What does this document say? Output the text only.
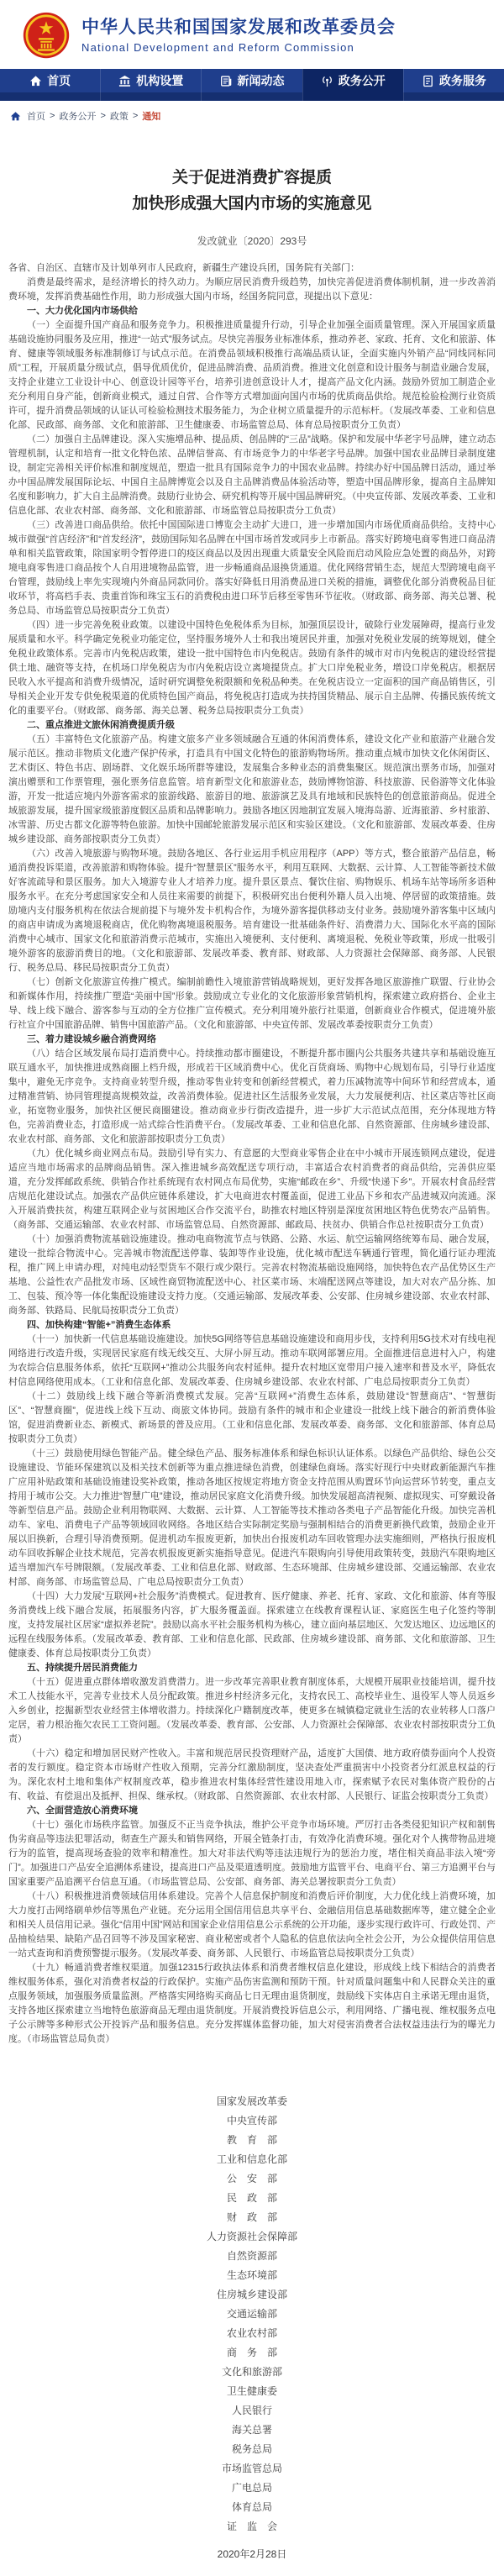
中华人民共和国国家发展和改革委员会
National Development and Reform Commission
首页	机构设置	新闻动态	政务公开	政务服务
首页 > 政务公开 > 政策 > 通知
关于促进消费扩容提质
加快形成强大国内市场的实施意见
发改就业〔2020〕293号

各省、自治区、直辖市及计划单列市人民政府，新疆生产建设兵团，国务院有关部门：

消费是最终需求，是经济增长的持久动力。为顺应居民消费升级趋势，加快完善促进消费体制机制，进一步改善消费环境，发挥消费基础性作用，助力形成强大国内市场，经国务院同意，现提出以下意见：

一、大力优化国内市场供给

（一）全面提升国产商品和服务竞争力。积极推进质量提升行动，引导企业加强全面质量管理。深入开展国家质量基础设施协同服务及应用，推进“一站式”服务试点。尽快完善服务业标准体系，推动养老、家政、托育、文化和旅游、体育、健康等领域服务标准制修订与试点示范。在消费品领域积极推行高端品质认证，全面实施内外销产品“同线同标同质”工程，开展质量分级试点，倡导优质优价，促进品牌消费、品质消费。推进文化创意和设计服务与制造业融合发展，支持企业建立工业设计中心、创意设计园等平台，培养引进创意设计人才，提高产品文化内涵。鼓励外贸加工制造企业充分利用自身产能，创新商业模式，通过自营、合作等方式增加面向国内市场的优质商品供给。规范检验检测行业资质许可，提升消费品领域的认证认可检验检测技术服务能力，为企业树立质量提升的示范标杆。（发展改革委、工业和信息化部、民政部、商务部、文化和旅游部、卫生健康委、市场监管总局、体育总局按职责分工负责）

（二）加强自主品牌建设。深入实施增品种、提品质、创品牌的“三品”战略。保护和发展中华老字号品牌，建立动态管理机制，认定和培育一批文化特色浓、品牌信誉高、有市场竞争力的中华老字号品牌。加强中国农业品牌目录制度建设，制定完善相关评价标准和制度规范，塑造一批具有国际竞争力的中国农业品牌。持续办好中国品牌日活动，通过举办中国品牌发展国际论坛、中国自主品牌博览会以及自主品牌消费品体验活动等，塑造中国品牌形象，提高自主品牌知名度和影响力，扩大自主品牌消费。鼓励行业协会、研究机构等开展中国品牌研究。（中央宣传部、发展改革委、工业和信息化部、农业农村部、商务部、文化和旅游部、市场监管总局按职责分工负责）

（三）改善进口商品供给。依托中国国际进口博览会主动扩大进口，进一步增加国内市场优质商品供给。支持中心城市做强“首店经济”和“首发经济”，鼓励国际知名品牌在中国市场首发或同步上市新品。落实好跨境电商零售进口商品清单和相关监管政策，除国家明令暂停进口的疫区商品以及因出现重大质量安全风险而启动风险应急处置的商品外，对跨境电商零售进口商品按个人自用进境物品监管，进一步畅通商品退换货通道。优化网络营销生态，规范大型跨境电商平台管理，鼓励线上率先实现境内外商品同款同价。落实好降低日用消费品进口关税的措施，调整优化部分消费税品目征收环节，将高档手表、贵重首饰和珠宝玉石的消费税由进口环节后移至零售环节征收。（财政部、商务部、海关总署、税务总局、市场监管总局按职责分工负责）

（四）进一步完善免税业政策。以建设中国特色免税体系为目标，加强顶层设计，破除行业发展障碍，提高行业发展质量和水平。科学确定免税业功能定位，坚持服务境外人士和我出境居民并重，加强对免税业发展的统筹规划，健全免税业政策体系。完善市内免税店政策，建设一批中国特色市内免税店。鼓励有条件的城市对市内免税店的建设经营提供土地、融资等支持，在机场口岸免税店为市内免税店设立离境提货点。扩大口岸免税业务，增设口岸免税店。根据居民收入水平提高和消费升级情况，适时研究调整免税限额和免税品种类。在免税店设立一定面积的国产商品销售区，引导相关企业开发专供免税渠道的优质特色国产商品，将免税店打造成为扶持国货精品、展示自主品牌、传播民族传统文化的重要平台。（财政部、商务部、海关总署、税务总局按职责分工负责）

二、重点推进文旅休闲消费提质升级

（五）丰富特色文化旅游产品。构建文旅多产业多领域融合互通的休闲消费体系，建设文化产业和旅游产业融合发展示范区。推动非物质文化遗产保护传承，打造具有中国文化特色的旅游购物场所。推动重点城市加快文化休闲街区、艺术街区、特色书店、剧场群、文化娱乐场所群等建设，发展集合多种业态的消费集聚区。规范演出票务市场，加强对演出赠票和工作票管理，强化票务信息监管。培育新型文化和旅游业态，鼓励博物馆游、科技旅游、民俗游等文化体验游，开发一批适应境内外游客需求的旅游线路、旅游目的地、旅游演艺及具有地域和民族特色的创意旅游商品。促进全域旅游发展，提升国家级旅游度假区品质和品牌影响力。鼓励各地区因地制宜发展入境海岛游、近海旅游、乡村旅游、冰雪游、历史古都文化游等特色旅游。加快中国邮轮旅游发展示范区和实验区建设。（文化和旅游部、发展改革委、住房城乡建设部、商务部按职责分工负责）

（六）改善入境旅游与购物环境。鼓励各地区、各行业运用手机应用程序（APP）等方式，整合旅游产品信息，畅通消费投诉渠道，改善旅游和购物体验。提升“智慧景区”服务水平，利用互联网、大数据、云计算、人工智能等新技术做好客流疏导和景区服务。加大入境游专业人才培养力度。提升景区景点、餐饮住宿、购物娱乐、机场车站等场所多语种服务水平。在充分考虑国家安全和人员往来需要的前提下，积极研究出台便利外籍人员入出境、停居留的政策措施。鼓励境内支付服务机构在依法合规前提下与境外发卡机构合作，为境外游客提供移动支付业务。鼓励境外游客集中区域内的商店申请成为离境退税商店，优化购物离境退税服务。培育建设一批基础条件好、消费潜力大、国际化水平高的国际消费中心城市、国家文化和旅游消费示范城市，实施出入境便利、支付便利、离境退税、免税业等政策，形成一批吸引境外游客的旅游消费目的地。（文化和旅游部、发展改革委、教育部、财政部、人力资源社会保障部、商务部、人民银行、税务总局、移民局按职责分工负责）

（七）创新文化旅游宣传推广模式。编制前瞻性入境旅游营销战略规划，更好发挥各地区旅游推广联盟、行业协会和新媒体作用，持续推广塑造“美丽中国”形象。鼓励成立专业化的文化旅游形象营销机构，探索建立政府搭台、企业主导、线上线下融合、游客参与互动的全方位推广宣传模式。充分利用境外旅行社渠道，创新商业合作模式，促进境外旅行社宣介中国旅游品牌、销售中国旅游产品。（文化和旅游部、中央宣传部、发展改革委按职责分工负责）

三、着力建设城乡融合消费网络

（八）结合区域发展布局打造消费中心。持续推动都市圈建设，不断提升都市圈内公共服务共建共享和基础设施互联互通水平，加快推进成熟商圈上档升级，形成若干区域消费中心。优化百货商场、购物中心规划布局，引导行业适度集中，避免无序竞争。支持商业转型升级，推动零售业转变和创新经营模式，着力压减物流等中间环节和经营成本，通过精准营销、协同管理提高规模效益，改善消费体验。促进社区生活服务业发展，大力发展便利店、社区菜店等社区商业，拓宽物业服务，加快社区便民商圈建设。推动商业步行街改造提升，进一步扩大示范试点范围，充分体现地方特色，完善消费业态，打造形成一站式综合性消费平台。（发展改革委、工业和信息化部、自然资源部、住房城乡建设部、农业农村部、商务部、文化和旅游部按职责分工负责）

（九）优化城乡商业网点布局。鼓励引导有实力、有意愿的大型商业零售企业在中小城市开展连锁网点建设，促进适应当地市场需求的品牌商品销售。深入推进城乡高效配送专项行动，丰富适合农村消费者的商品供给，完善供应渠道，充分发挥邮政系统、供销合作社系统现有农村网点布局优势，实施“邮政在乡”、升级“快递下乡”。开展农村食品经营店规范化建设试点。加强农产品供应链体系建设，扩大电商进农村覆盖面，促进工业品下乡和农产品进城双向流通。深入开展消费扶贫，构建互联网企业与贫困地区合作交流平台，助推农村地区特别是深度贫困地区特色优势农产品销售。（商务部、交通运输部、农业农村部、市场监管总局、自然资源部、邮政局、扶贫办、供销合作总社按职责分工负责）

（十）加强消费物流基础设施建设。推动电商物流节点与铁路、公路、水运、航空运输网络统筹布局、融合发展，建设一批综合物流中心。完善城市物流配送停靠、装卸等作业设施，优化城市配送车辆通行管理，简化通行证办理流程，推广网上申请办理，对纯电动轻型货车不限行或少限行。完善农村物流基础设施网络，加快特色农产品优势区生产基地、公益性农产品批发市场、区域性商贸物流配送中心、社区菜市场、末端配送网点等建设，加大对农产品分拣、加工、包装、预冷等一体化集配设施建设支持力度。（交通运输部、发展改革委、公安部、住房城乡建设部、农业农村部、商务部、铁路局、民航局按职责分工负责）

四、加快构建“智能+”消费生态体系

（十一）加快新一代信息基础设施建设。加快5G网络等信息基础设施建设和商用步伐，支持利用5G技术对有线电视网络进行改造升级，实现居民家庭有线无线交互、大屏小屏互动。推动车联网部署应用。全面推进信息进村入户，构建为农综合信息服务体系，依托“互联网+”推动公共服务向农村延伸。提升农村地区宽带用户接入速率和普及水平，降低农村信息网络使用成本。（工业和信息化部、发展改革委、住房城乡建设部、农业农村部、广电总局按职责分工负责）

（十二）鼓励线上线下融合等新消费模式发展。完善“互联网+”消费生态体系，鼓励建设“智慧商店”、“智慧街区”、“智慧商圈”，促进线上线下互动、商旅文体协同。鼓励有条件的城市和企业建设一批线上线下融合的新消费体验馆，促进消费新业态、新模式、新场景的普及应用。（工业和信息化部、发展改革委、商务部、文化和旅游部、体育总局按职责分工负责）

（十三）鼓励使用绿色智能产品。健全绿色产品、服务标准体系和绿色标识认证体系。以绿色产品供给、绿色公交设施建设、节能环保建筑以及相关技术创新等为重点推进绿色消费，创建绿色商场。落实好现行中央财政新能源汽车推广应用补贴政策和基础设施建设奖补政策，推动各地区按规定将地方资金支持范围从购置环节向运营环节转变，重点支持用于城市公交。大力推进“智慧广电”建设，推动居民家庭文化消费升级。加快发展超高清视频、虚拟现实、可穿戴设备等新型信息产品。鼓励企业利用物联网、大数据、云计算、人工智能等技术推动各类电子产品智能化升级。加快完善机动车、家电、消费电子产品等领域回收网络。各地区结合实际制定奖励与强制相结合的消费更新换代政策，鼓励企业开展以旧换新，合理引导消费预期。促进机动车报废更新，加快出台报废机动车回收管理办法实施细则，严格执行报废机动车回收拆解企业技术规范，完善农机报废更新实施指导意见。促进汽车限购向引导使用政策转变，鼓励汽车限购地区适当增加汽车号牌限额。（发展改革委、工业和信息化部、财政部、生态环境部、住房城乡建设部、交通运输部、农业农村部、商务部、市场监管总局、广电总局按职责分工负责）

（十四）大力发展“互联网+社会服务”消费模式。促进教育、医疗健康、养老、托育、家政、文化和旅游、体育等服务消费线上线下融合发展，拓展服务内容，扩大服务覆盖面。探索建立在线教育课程认证、家庭医生电子化签约等制度，支持发展社区居家“虚拟养老院”。鼓励以高水平社会服务机构为核心，建立面向基层地区、欠发达地区、边远地区的远程在线服务体系。（发展改革委、教育部、工业和信息化部、民政部、住房城乡建设部、商务部、文化和旅游部、卫生健康委、体育总局按职责分工负责）

五、持续提升居民消费能力

（十五）促进重点群体增收激发消费潜力。进一步改革完善职业教育制度体系，大规模开展职业技能培训，提升技术工人技能水平，完善专业技术人员分配政策。推进乡村经济多元化，支持农民工、高校毕业生、退役军人等人员返乡入乡创业，挖掘新型农业经营主体增收潜力。持续深化户籍制度改革，使更多在城镇稳定就业生活的农业转移人口落户定居，着力根治拖欠农民工工资问题。（发展改革委、教育部、公安部、人力资源社会保障部、农业农村部按职责分工负责）

（十六）稳定和增加居民财产性收入。丰富和规范居民投资理财产品，适度扩大国债、地方政府债券面向个人投资者的发行额度。稳定资本市场财产性收入预期，完善分红激励制度，坚决查处严重损害中小投资者分红派息权益的行为。深化农村土地和集体产权制度改革，稳步推进农村集体经营性建设用地入市，探索赋予农民对集体资产股份的占有、收益、有偿退出及抵押、担保、继承权。（财政部、自然资源部、农业农村部、人民银行、证监会按职责分工负责）

六、全面营造放心消费环境

（十七）强化市场秩序监管。加强反不正当竞争执法，维护公平竞争市场环境。严厉打击各类侵犯知识产权和制售伪劣商品等违法犯罪活动，彻查生产源头和销售网络，开展全链条打击，有效净化消费环境。强化对个人携带物品进境行为的监管，提高现场查验的效率和精准性。加大对非法代购等违法违规行为的惩治力度，堵住相关商品非法入境“旁门”。加强进口产品安全追溯体系建设，提高进口产品及渠道透明度。鼓励地方监管平台、电商平台、第三方追溯平台与国家重要产品追溯平台信息互通。（市场监管总局、公安部、商务部、海关总署按职责分工负责）

（十八）积极推进消费领域信用体系建设。完善个人信息保护制度和消费后评价制度，大力优化线上消费环境，加大力度打击网络刷单炒信等黑色产业链。充分运用全国信用信息共享平台、金融信用信息基础数据库等，建立健全企业和相关人员信用记录。强化“信用中国”网站和国家企业信用信息公示系统的公开功能，逐步实现行政许可、行政处罚、产品抽检结果、缺陷产品召回等不涉及国家秘密、商业秘密或者个人隐私的信息依法向全社会公开，为公众提供信用信息一站式查询和消费预警提示服务。（发展改革委、商务部、人民银行、市场监管总局按职责分工负责）

（十九）畅通消费者维权渠道。加强12315行政执法体系和消费者维权信息化建设，形成线上线下相结合的消费者维权服务体系，强化对消费者权益的行政保护。实施产品伤害监测和预防干预。针对质量问题集中和人民群众关注的重点服务领域，加强服务质量监测。严格落实网络购买商品七日无理由退货制度，鼓励线下实体店自主承诺无理由退货，支持各地区探索建立当地特色旅游商品无理由退货制度。开展消费投诉信息公示，利用网络、广播电视、维权服务点电子公示牌等多种形式公开投诉产品和服务信息。充分发挥媒体监督功能，加大对侵害消费者合法权益违法行为的曝光力度。（市场监管总局负责）

国家发展改革委
中央宣传部
教　育　部
工业和信息化部
公　安　部
民　政　部
财　政　部
人力资源社会保障部
自然资源部
生态环境部
住房城乡建设部
交通运输部
农业农村部
商　务　部
文化和旅游部
卫生健康委
人民银行
海关总署
税务总局
市场监管总局
广电总局
体育总局
证　监　会
2020年2月28日
